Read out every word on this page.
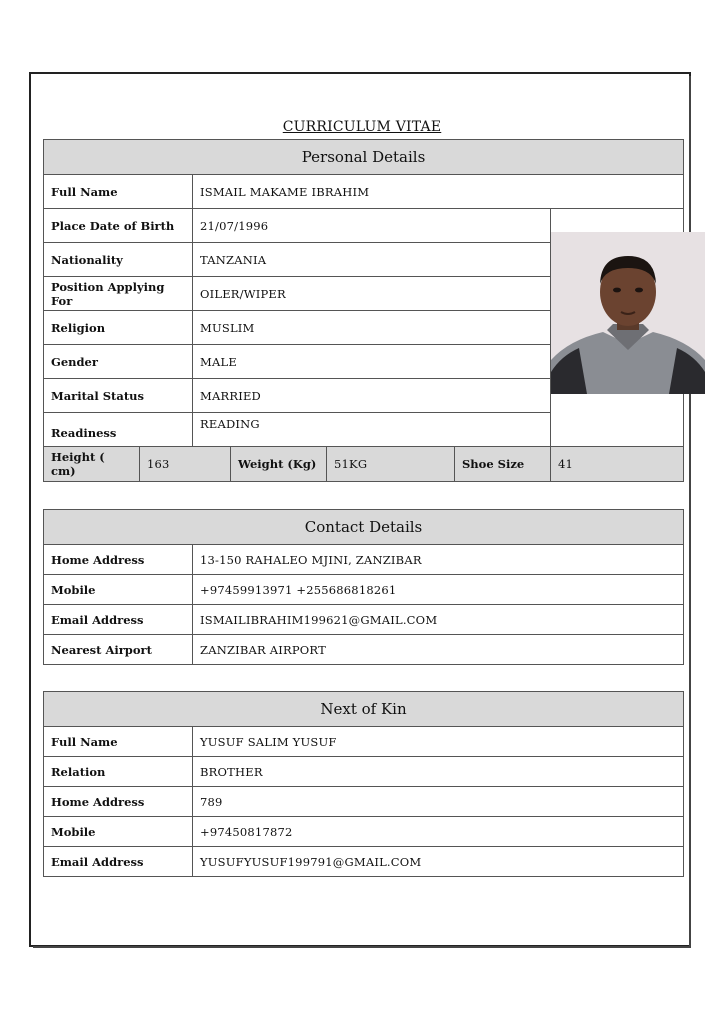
CURRICULUM VITAE
Personal Details						
Full Name		ISMAIL MAKAME IBRAHIM				
Place Date of Birth		21/07/1996	

Nationality		TANZANIA				
Position Applying For		OILER/WIPER				
Religion		MUSLIM				
Gender		MALE				
Marital Status		MARRIED				
Readiness		READING				
Height ( cm)	163		Weight (Kg)	51KG	Shoe Size	41
Contact Details	
Home Address	13-150 RAHALEO MJINI, ZANZIBAR
Mobile	+97459913971 +255686818261
Email Address	ISMAILIBRAHIM199621@GMAIL.COM
Nearest Airport	ZANZIBAR AIRPORT
Next of Kin	
Full Name	YUSUF SALIM YUSUF
Relation	BROTHER
Home Address	789
Mobile	+97450817872
Email Address	YUSUFYUSUF199791@GMAIL.COM
